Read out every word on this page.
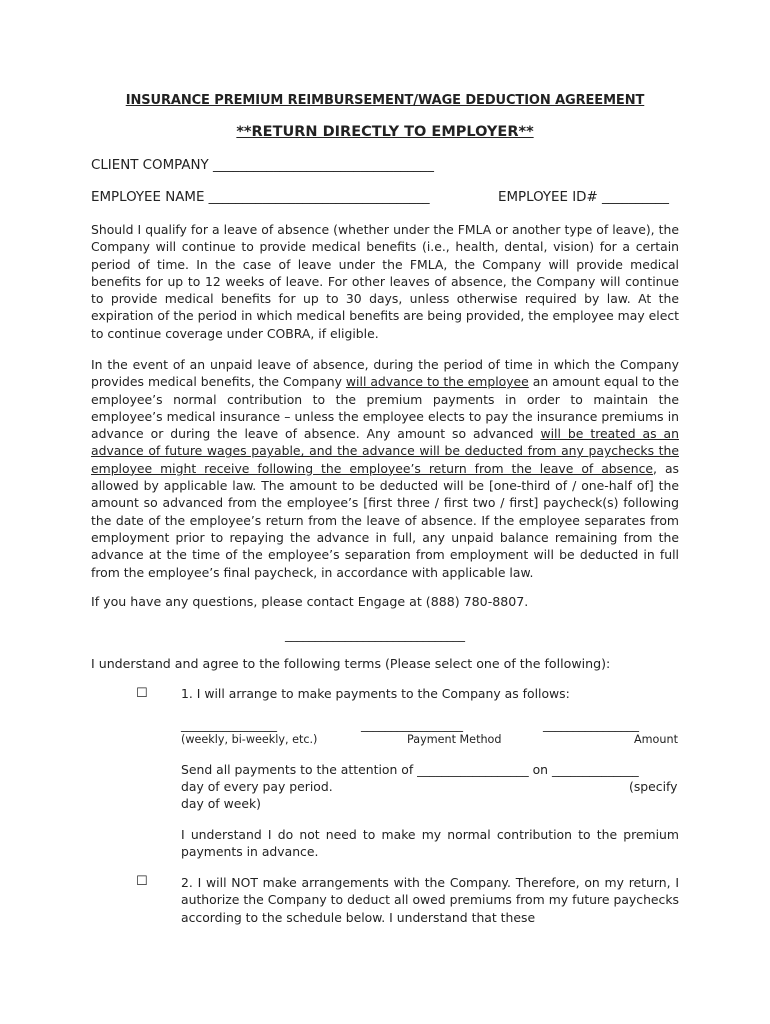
INSURANCE PREMIUM REIMBURSEMENT/WAGE DEDUCTION AGREEMENT
**RETURN DIRECTLY TO EMPLOYER**
CLIENT COMPANY _________________________________
EMPLOYEE NAME _________________________________	EMPLOYEE ID# __________

Should I qualify for a leave of absence (whether under the FMLA or another type of leave), the Company will continue to provide medical benefits (i.e., health, dental, vision) for a certain period of time. In the case of leave under the FMLA, the Company will provide medical benefits for up to 12 weeks of leave. For other leaves of absence, the Company will continue to provide medical benefits for up to 30 days, unless otherwise required by law. At the expiration of the period in which medical benefits are being provided, the employee may elect to continue coverage under COBRA, if eligible.

In the event of an unpaid leave of absence, during the period of time in which the Company provides medical benefits, the Company will advance to the employee an amount equal to the employee’s normal contribution to the premium payments in order to maintain the employee’s medical insurance – unless the employee elects to pay the insurance premiums in advance or during the leave of absence. Any amount so advanced will be treated as an advance of future wages payable, and the advance will be deducted from any paychecks the employee might receive following the employee’s return from the leave of absence, as allowed by applicable law. The amount to be deducted will be [one-third of / one-half of] the amount so advanced from the employee’s [first three / first two / first] paycheck(s) following the date of the employee’s return from the leave of absence. If the employee separates from employment prior to repaying the advance in full, any unpaid balance remaining from the advance at the time of the employee’s separation from employment will be deducted in full from the employee’s final paycheck, in accordance with applicable law.

If you have any questions, please contact Engage at (888) 780-8807.
______________________________
I understand and agree to the following terms (Please select one of the following):
☐	1. I will arrange to make payments to the Company as follows:
________________	_________________	________________
(weekly, bi-weekly, etc.)	Payment Method	Amount
Send all payments to the attention of __________________ on ______________
day of every pay period.	(specify
day of week)

I understand I do not need to make my normal contribution to the premium payments in advance.

☐	2. I will NOT make arrangements with the Company. Therefore, on my return, I authorize the Company to deduct all owed premiums from my future paychecks according to the schedule below. I understand that these
